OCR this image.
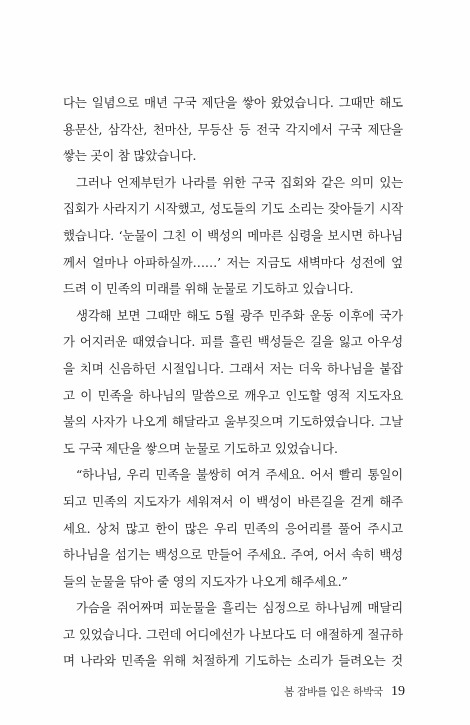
다는 일념으로 매년 구국 제단을 쌓아 왔었습니다. 그때만 해도
용문산, 삼각산, 천마산, 무등산 등 전국 각지에서 구국 제단을
쌓는 곳이 참 많았습니다.
그러나 언제부턴가 나라를 위한 구국 집회와 같은 의미 있는
집회가 사라지기 시작했고, 성도들의 기도 소리는 잦아들기 시작
했습니다. ‘눈물이 그친 이 백성의 메마른 심령을 보시면 하나님
께서 얼마나 아파하실까……’ 저는 지금도 새벽마다 성전에 엎
드려 이 민족의 미래를 위해 눈물로 기도하고 있습니다.
생각해 보면 그때만 해도 5월 광주 민주화 운동 이후에 국가
가 어지러운 때였습니다. 피를 흘린 백성들은 길을 잃고 아우성
을 치며 신음하던 시절입니다. 그래서 저는 더욱 하나님을 붙잡
고 이 민족을 하나님의 말씀으로 깨우고 인도할 영적 지도자요
불의 사자가 나오게 해달라고 울부짖으며 기도하였습니다. 그날
도 구국 제단을 쌓으며 눈물로 기도하고 있었습니다.
“하나님, 우리 민족을 불쌍히 여겨 주세요. 어서 빨리 통일이
되고 민족의 지도자가 세워져서 이 백성이 바른길을 걷게 해주
세요. 상처 많고 한이 많은 우리 민족의 응어리를 풀어 주시고
하나님을 섬기는 백성으로 만들어 주세요. 주여, 어서 속히 백성
들의 눈물을 닦아 줄 영의 지도자가 나오게 해주세요.”
가슴을 쥐어짜며 피눈물을 흘리는 심정으로 하나님께 매달리
고 있었습니다. 그런데 어디에선가 나보다도 더 애절하게 절규하
며 나라와 민족을 위해 처절하게 기도하는 소리가 들려오는 것
봄 잠바를 입은 하박국 19
